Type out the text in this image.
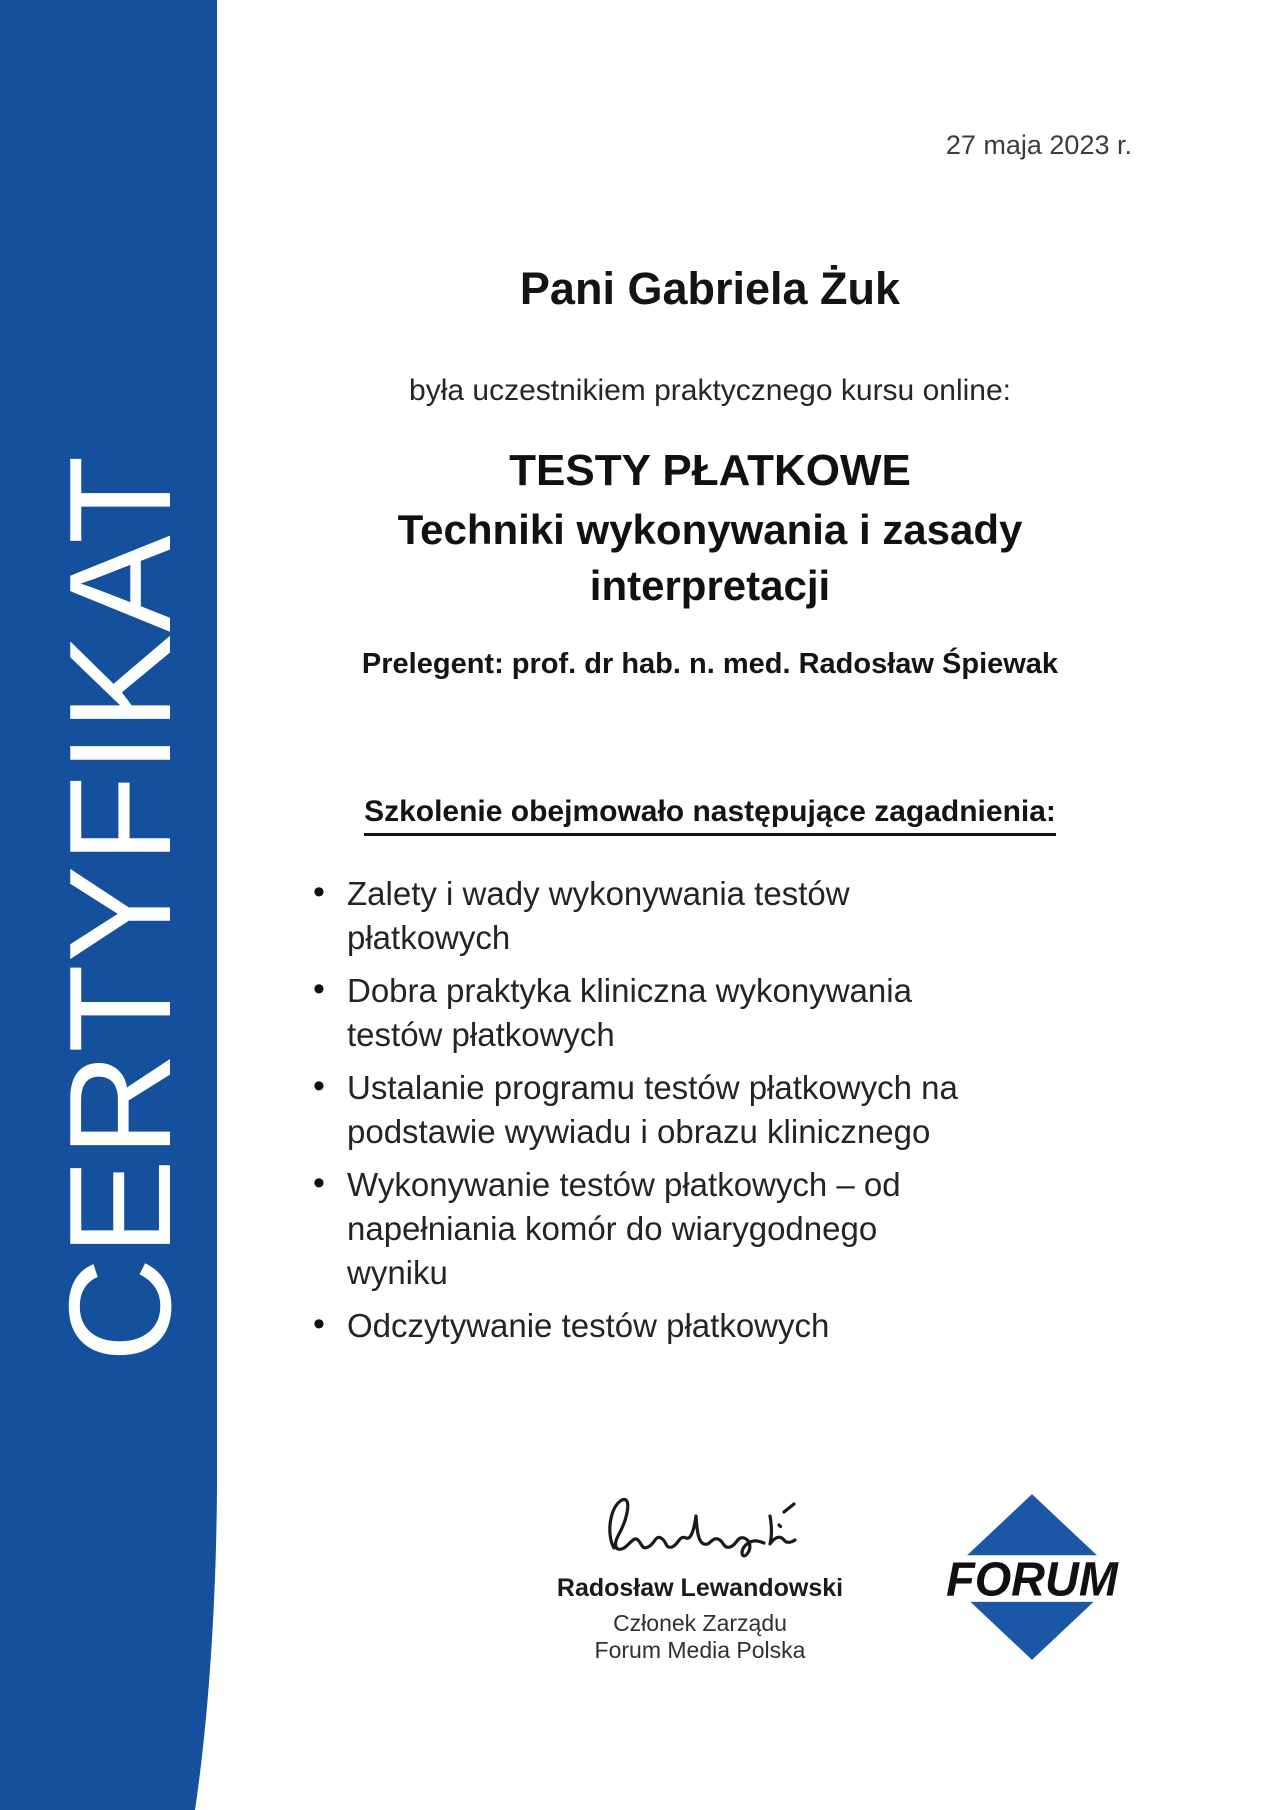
CERTYFIKAT
27 maja 2023 r.
Pani Gabriela Żuk
była uczestnikiem praktycznego kursu online:
TESTY PŁATKOWE
Techniki wykonywania i zasady
interpretacji
Prelegent: prof. dr hab. n. med. Radosław Śpiewak
Szkolenie obejmowało następujące zagadnienia:
• Zalety i wady wykonywania testów płatkowych
• Dobra praktyka kliniczna wykonywania testów płatkowych
• Ustalanie programu testów płatkowych na podstawie wywiadu i obrazu klinicznego
• Wykonywanie testów płatkowych – od napełniania komór do wiarygodnego wyniku
• Odczytywanie testów płatkowych
Radosław Lewandowski
Członek Zarządu
Forum Media Polska
FORUM
